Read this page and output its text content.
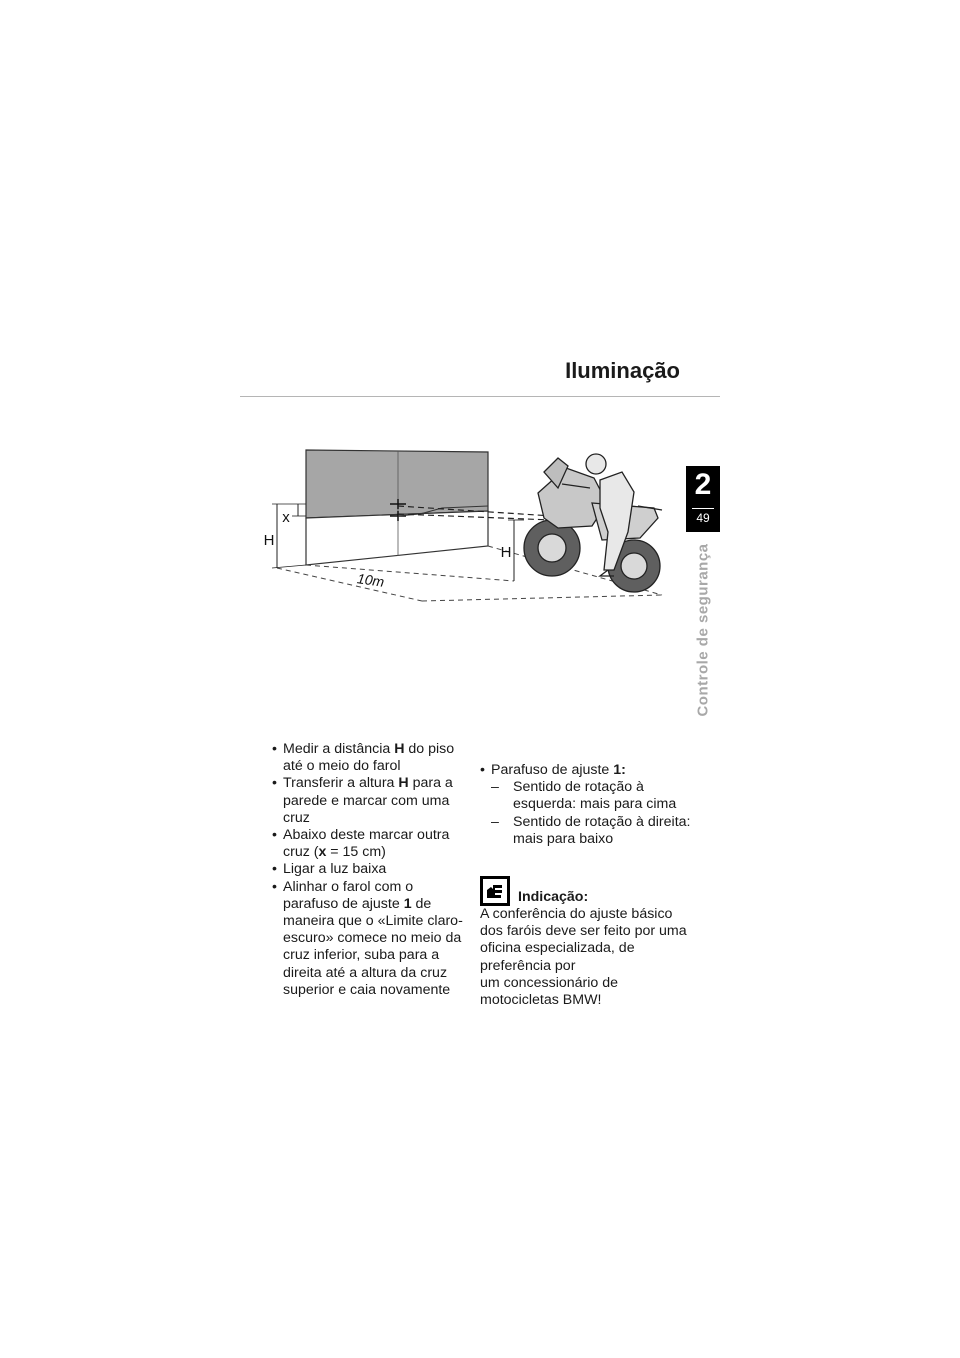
Iluminação
2
49
Controle de segurança
x
H
H
10m
• Medir a distância H do piso até o meio do farol
• Transferir a altura H para a parede e marcar com uma cruz
• Abaixo deste marcar outra cruz (x = 15 cm)
• Ligar a luz baixa
• Alinhar o farol com o parafuso de ajuste 1 de maneira que o «Limite claro-escuro» comece no meio da cruz inferior, suba para a direita até a altura da cruz superior e caia novamente
• Parafuso de ajuste 1:
– Sentido de rotação à esquerda: mais para cima
– Sentido de rotação à direita: mais para baixo
Indicação:
A conferência do ajuste básico dos faróis deve ser feito por uma oficina especializada, de preferência por
um concessionário de motocicletas BMW!
